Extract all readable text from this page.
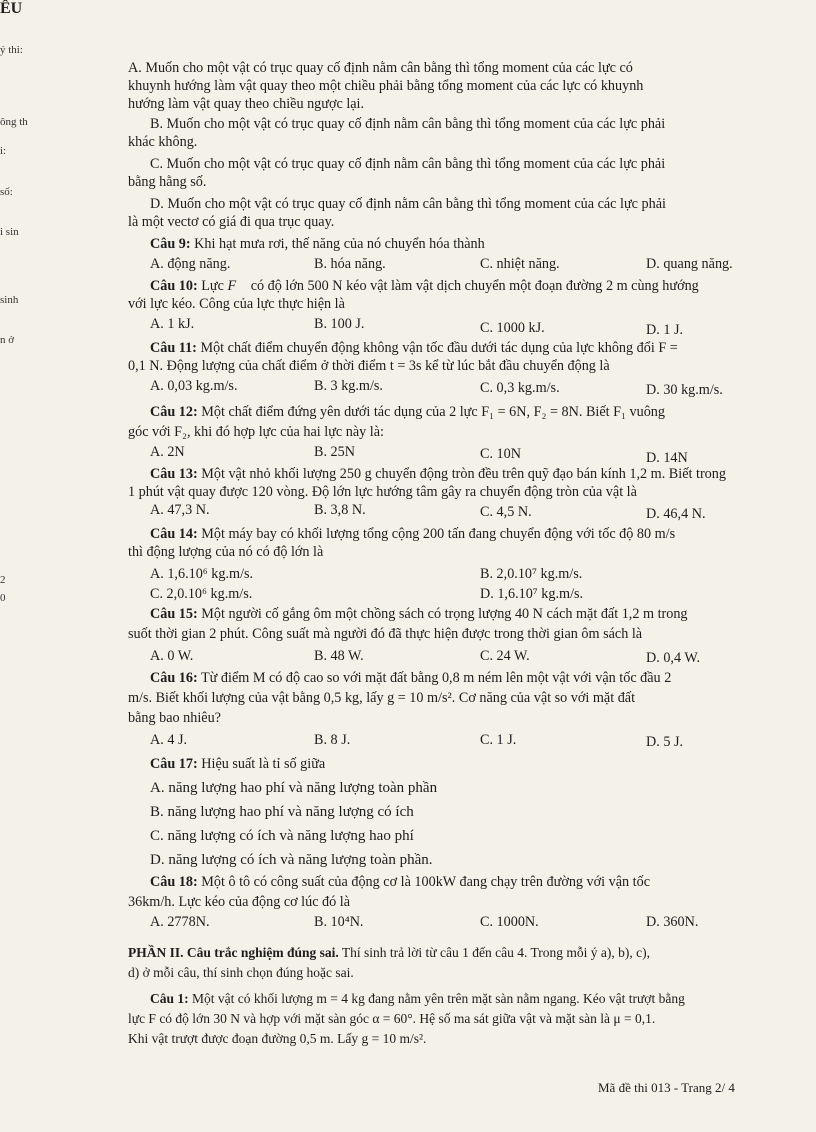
ÊU
ý thi:
ông th
i:
số:
i sin
sinh
n ở
2
0
A. Muốn cho một vật có trục quay cố định nằm cân bằng thì tổng moment của các lực có
khuynh hướng làm vật quay theo một chiều phải bằng tổng moment của các lực có khuynh
hướng làm vật quay theo chiều ngược lại.
B. Muốn cho một vật có trục quay cố định nằm cân bằng thì tổng moment của các lực phải
khác không.
C. Muốn cho một vật có trục quay cố định nằm cân bằng thì tổng moment của các lực phải
bằng hằng số.
D. Muốn cho một vật có trục quay cố định nằm cân bằng thì tổng moment của các lực phải
là một vectơ có giá đi qua trục quay.
Câu 9: Khi hạt mưa rơi, thế năng của nó chuyển hóa thành
A. động năng.	B. hóa năng.	C. nhiệt năng.	D. quang năng.
Câu 10: Lực F⃗ có độ lớn 500 N kéo vật làm vật dịch chuyển một đoạn đường 2 m cùng hướng
với lực kéo. Công của lực thực hiện là
A. 1 kJ.	B. 100 J.	C. 1000 kJ.	D. 1 J.
Câu 11: Một chất điểm chuyển động không vận tốc đầu dưới tác dụng của lực không đổi F =
0,1 N. Động lượng của chất điểm ở thời điểm t = 3s kể từ lúc bắt đầu chuyển động là
A. 0,03 kg.m/s.	B. 3 kg.m/s.	C. 0,3 kg.m/s.	D. 30 kg.m/s.
Câu 12: Một chất điểm đứng yên dưới tác dụng của 2 lực F₁ = 6N, F₂ = 8N. Biết F₁ vuông
góc với F₂, khi đó hợp lực của hai lực này là:
A. 2N	B. 25N	C. 10N	D. 14N
Câu 13: Một vật nhỏ khối lượng 250 g chuyển động tròn đều trên quỹ đạo bán kính 1,2 m. Biết trong
1 phút vật quay được 120 vòng. Độ lớn lực hướng tâm gây ra chuyển động tròn của vật là
A. 47,3 N.	B. 3,8 N.	C. 4,5 N.	D. 46,4 N.
Câu 14: Một máy bay có khối lượng tổng cộng 200 tấn đang chuyển động với tốc độ 80 m/s
thì động lượng của nó có độ lớn là
A. 1,6.10⁶ kg.m/s.	B. 2,0.10⁷ kg.m/s.
C. 2,0.10⁶ kg.m/s.	D. 1,6.10⁷ kg.m/s.
Câu 15: Một người cố gắng ôm một chồng sách có trọng lượng 40 N cách mặt đất 1,2 m trong
suốt thời gian 2 phút. Công suất mà người đó đã thực hiện được trong thời gian ôm sách là
A. 0 W.	B. 48 W.	C. 24 W.	D. 0,4 W.
Câu 16: Từ điểm M có độ cao so với mặt đất bằng 0,8 m ném lên một vật với vận tốc đầu 2
m/s. Biết khối lượng của vật bằng 0,5 kg, lấy g = 10 m/s². Cơ năng của vật so với mặt đất
bằng bao nhiêu?
A. 4 J.	B. 8 J.	C. 1 J.	D. 5 J.
Câu 17: Hiệu suất là tỉ số giữa
A. năng lượng hao phí và năng lượng toàn phần
B. năng lượng hao phí và năng lượng có ích
C. năng lượng có ích và năng lượng hao phí
D. năng lượng có ích và năng lượng toàn phần.
Câu 18: Một ô tô có công suất của động cơ là 100kW đang chạy trên đường với vận tốc
36km/h. Lực kéo của động cơ lúc đó là
A. 2778N.	B. 10⁴N.	C. 1000N.	D. 360N.
PHẦN II. Câu trắc nghiệm đúng sai. Thí sinh trả lời từ câu 1 đến câu 4. Trong mỗi ý a), b), c),
d) ở mỗi câu, thí sinh chọn đúng hoặc sai.
Câu 1: Một vật có khối lượng m = 4 kg đang nằm yên trên mặt sàn nằm ngang. Kéo vật trượt bằng
lực F có độ lớn 30 N và hợp với mặt sàn góc α = 60°. Hệ số ma sát giữa vật và mặt sàn là μ = 0,1.
Khi vật trượt được đoạn đường 0,5 m. Lấy g = 10 m/s².
Mã đề thi 013 - Trang 2/ 4
